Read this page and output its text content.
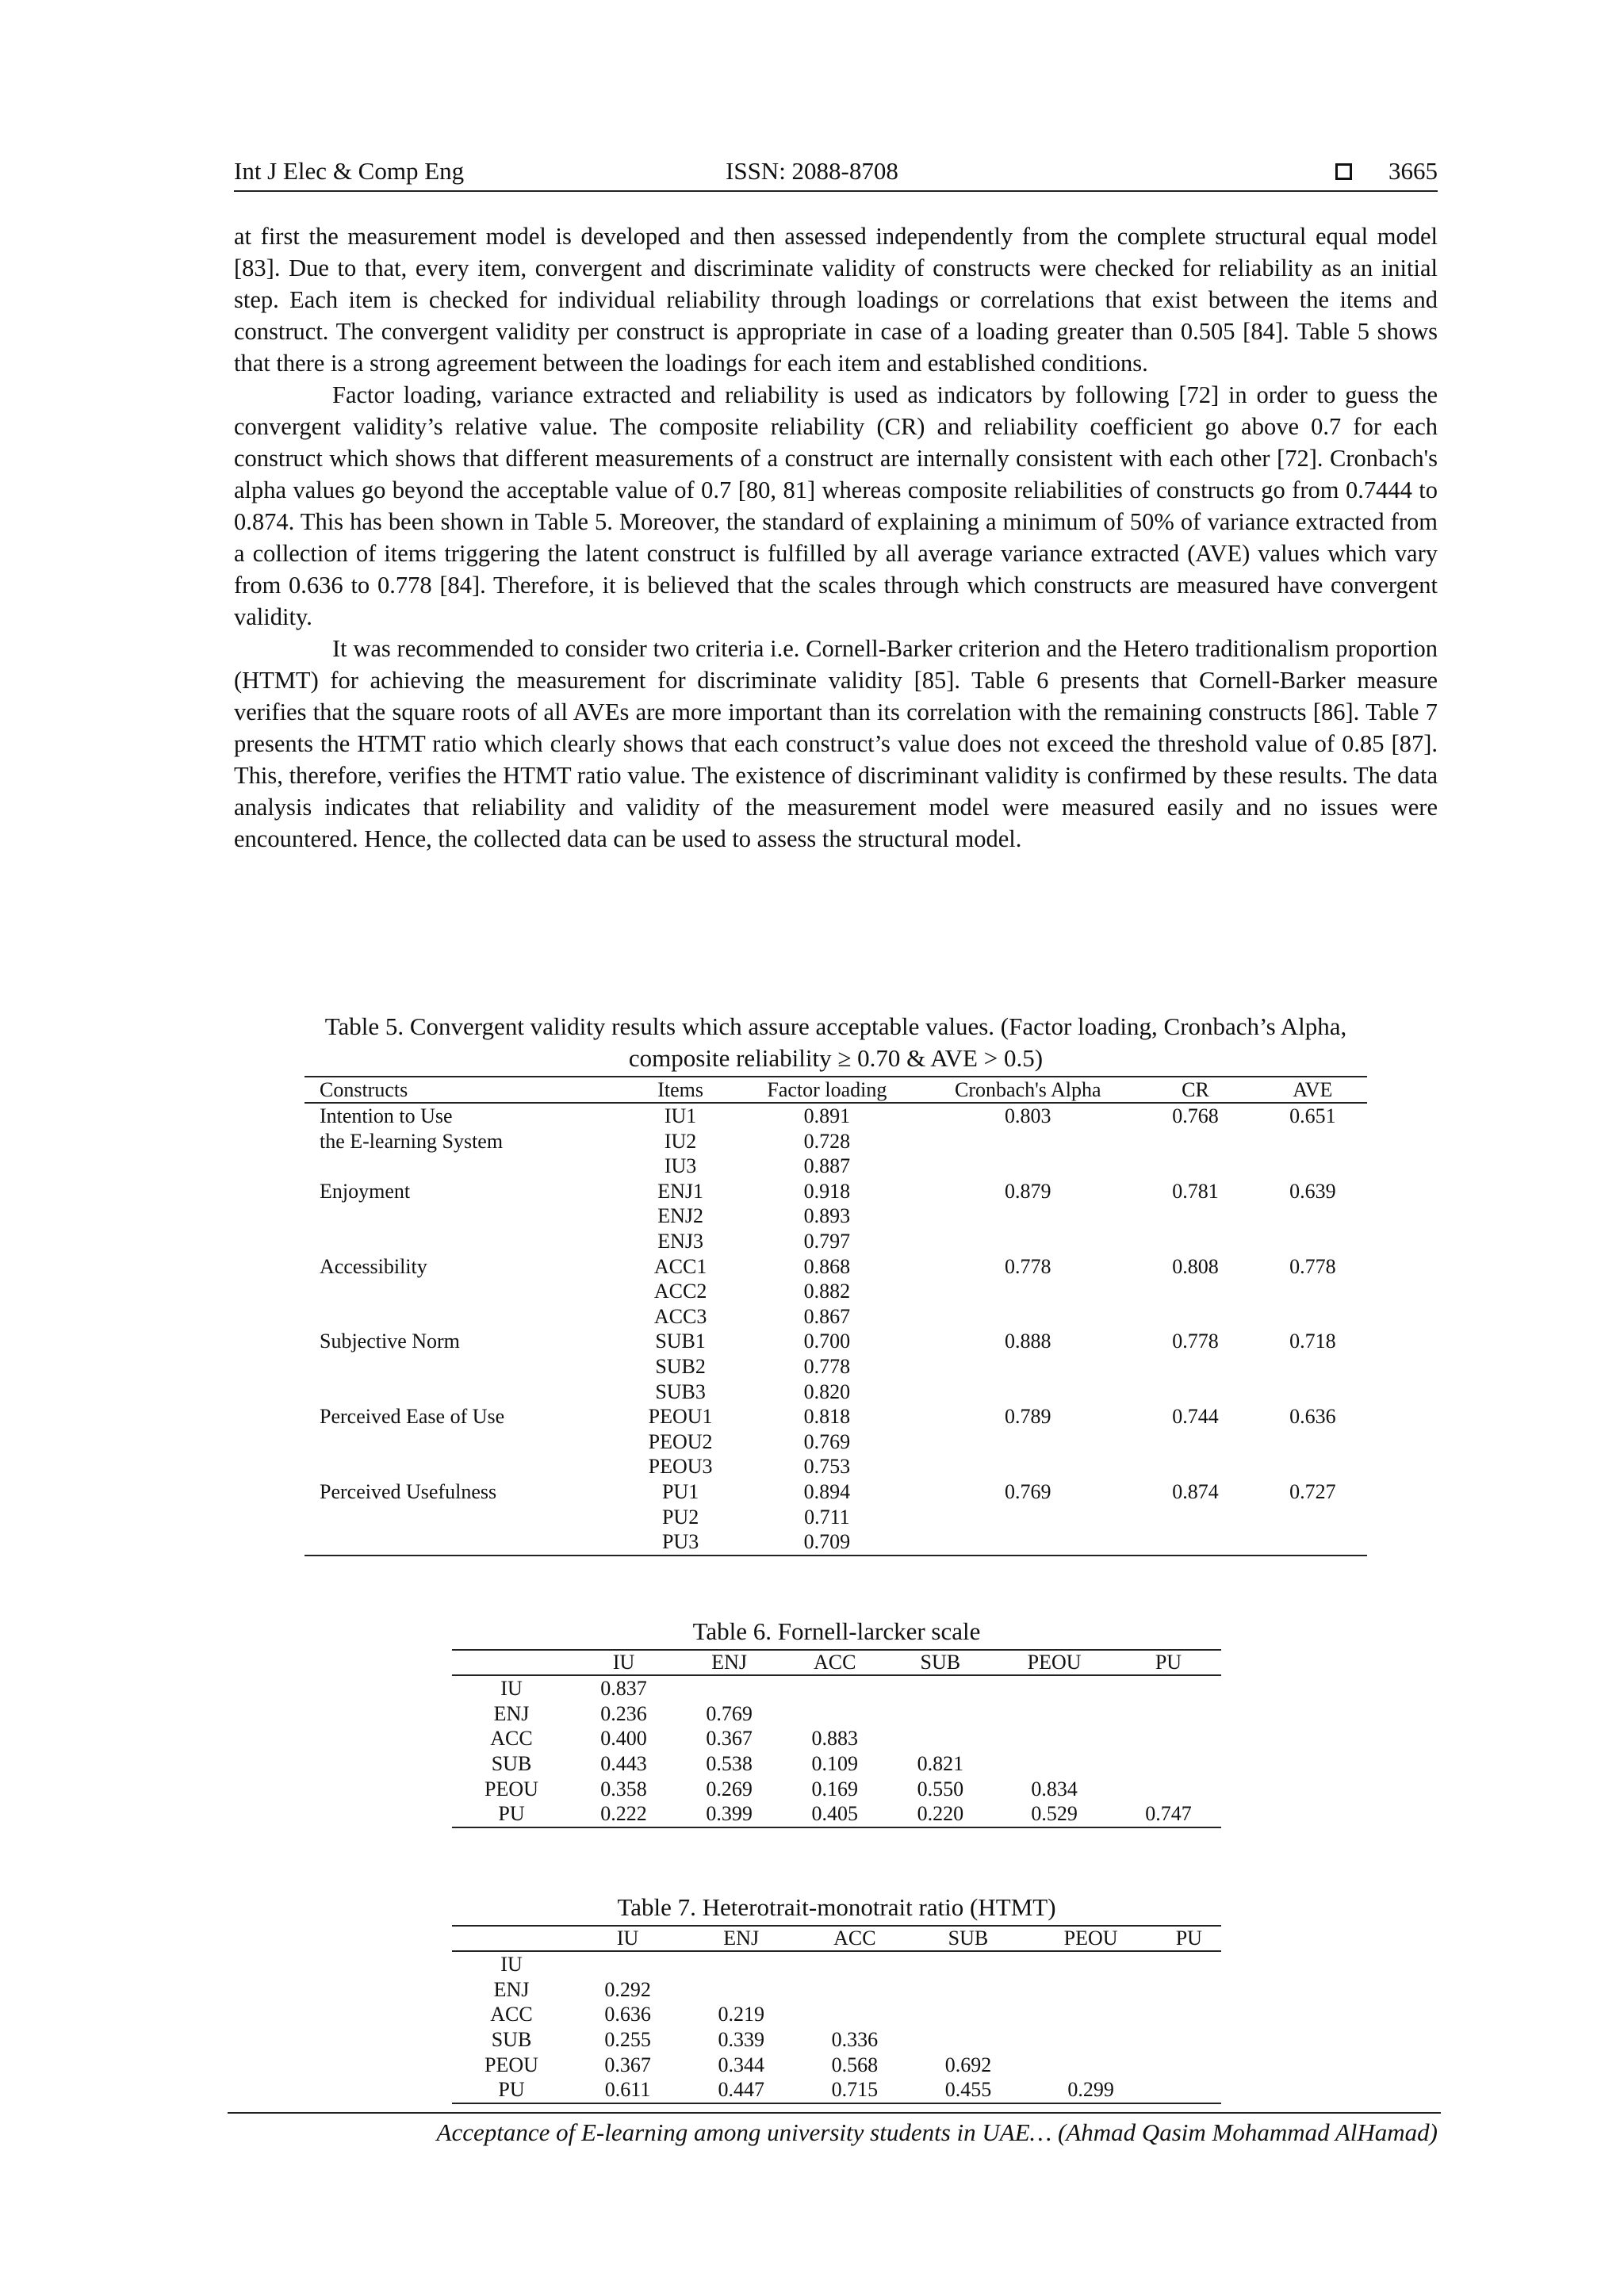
Int J Elec & Comp Eng	ISSN: 2088-8708	3665

at first the measurement model is developed and then assessed independently from the complete structural equal model [83]. Due to that, every item, convergent and discriminate validity of constructs were checked for reliability as an initial step. Each item is checked for individual reliability through loadings or correlations that exist between the items and construct. The convergent validity per construct is appropriate in case of a loading greater than 0.505 [84]. Table 5 shows that there is a strong agreement between the loadings for each item and established conditions.

Factor loading, variance extracted and reliability is used as indicators by following [72] in order to guess the convergent validity’s relative value. The composite reliability (CR) and reliability coefficient go above 0.7 for each construct which shows that different measurements of a construct are internally consistent with each other [72]. Cronbach's alpha values go beyond the acceptable value of 0.7 [80, 81] whereas composite reliabilities of constructs go from 0.7444 to 0.874. This has been shown in Table 5. Moreover, the standard of explaining a minimum of 50% of variance extracted from a collection of items triggering the latent construct is fulfilled by all average variance extracted (AVE) values which vary from 0.636 to 0.778 [84]. Therefore, it is believed that the scales through which constructs are measured have convergent validity.

It was recommended to consider two criteria i.e. Cornell-Barker criterion and the Hetero traditionalism proportion (HTMT) for achieving the measurement for discriminate validity [85]. Table 6 presents that Cornell-Barker measure verifies that the square roots of all AVEs are more important than its correlation with the remaining constructs [86]. Table 7 presents the HTMT ratio which clearly shows that each construct’s value does not exceed the threshold value of 0.85 [87]. This, therefore, verifies the HTMT ratio value. The existence of discriminant validity is confirmed by these results. The data analysis indicates that reliability and validity of the measurement model were measured easily and no issues were encountered. Hence, the collected data can be used to assess the structural model.

Table 5. Convergent validity results which assure acceptable values. (Factor loading, Cronbach’s Alpha,
composite reliability ≥ 0.70 & AVE > 0.5)
Constructs	Items	Factor loading	Cronbach's Alpha	CR	AVE
Intention to Use	IU1	0.891	0.803	0.768	0.651
the E-learning System	IU2	0.728			
	IU3	0.887			
Enjoyment	ENJ1	0.918	0.879	0.781	0.639
	ENJ2	0.893			
	ENJ3	0.797			
Accessibility	ACC1	0.868	0.778	0.808	0.778
	ACC2	0.882			
	ACC3	0.867			
Subjective Norm	SUB1	0.700	0.888	0.778	0.718
	SUB2	0.778			
	SUB3	0.820			
Perceived Ease of Use	PEOU1	0.818	0.789	0.744	0.636
	PEOU2	0.769			
	PEOU3	0.753			
Perceived Usefulness	PU1	0.894	0.769	0.874	0.727
	PU2	0.711			
	PU3	0.709			
Table 6. Fornell-larcker scale
	IU	ENJ	ACC	SUB	PEOU	PU
IU	0.837					
ENJ	0.236	0.769				
ACC	0.400	0.367	0.883			
SUB	0.443	0.538	0.109	0.821		
PEOU	0.358	0.269	0.169	0.550	0.834	
PU	0.222	0.399	0.405	0.220	0.529	0.747
Table 7. Heterotrait-monotrait ratio (HTMT)
	IU	ENJ	ACC	SUB	PEOU	PU
IU						
ENJ	0.292					
ACC	0.636	0.219				
SUB	0.255	0.339	0.336			
PEOU	0.367	0.344	0.568	0.692		
PU	0.611	0.447	0.715	0.455	0.299	
Acceptance of E-learning among university students in UAE… (Ahmad Qasim Mohammad AlHamad)
